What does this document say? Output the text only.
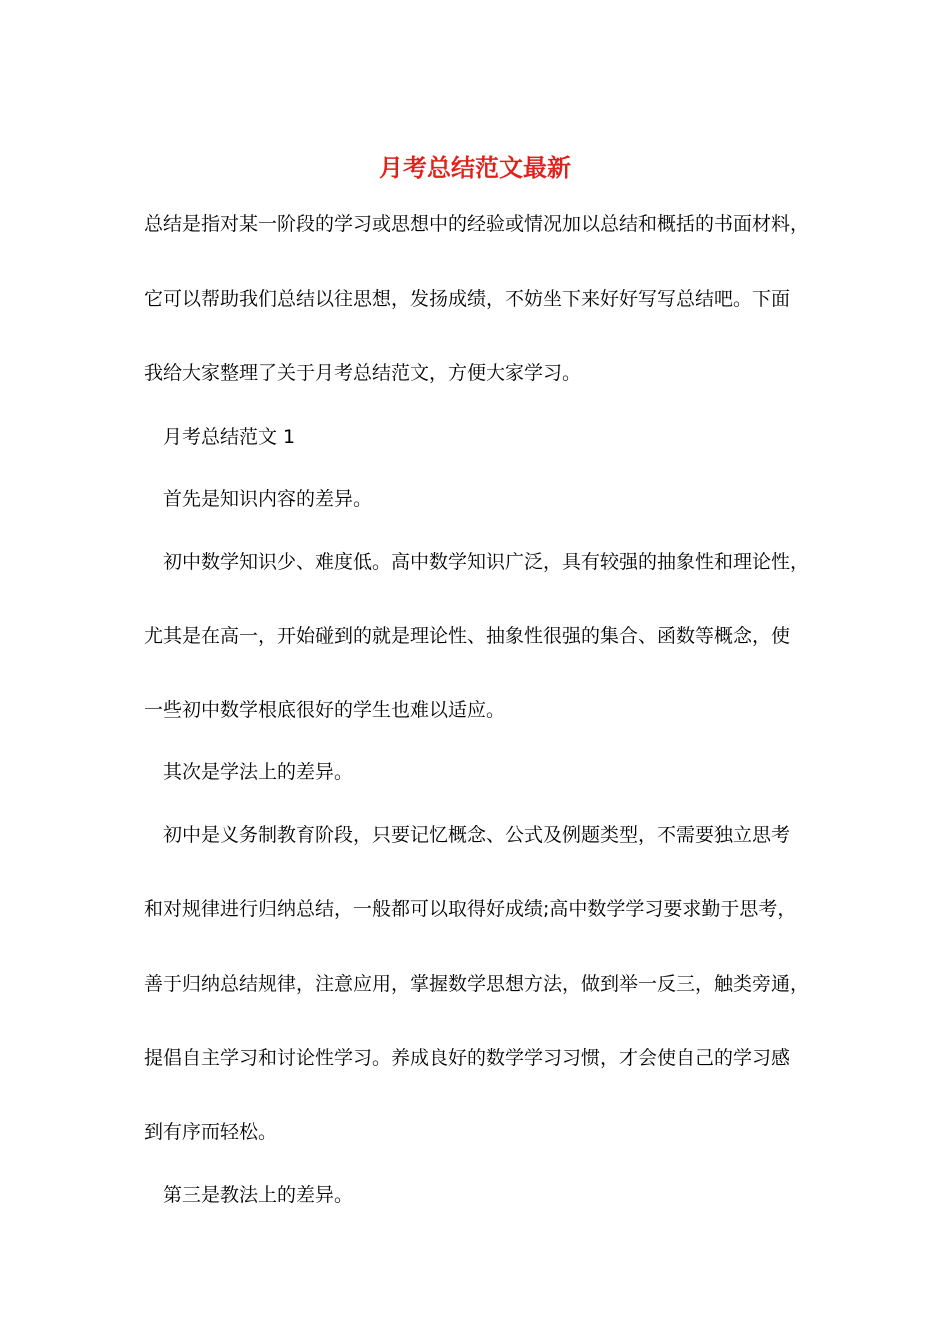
月考总结范文最新

总结是指对某一阶段的学习或思想中的经验或情况加以总结和概括的书面材料，

它可以帮助我们总结以往思想，发扬成绩，不妨坐下来好好写写总结吧。下面

我给大家整理了关于月考总结范文，方便大家学习。

月考总结范文 1

首先是知识内容的差异。

初中数学知识少、难度低。高中数学知识广泛，具有较强的抽象性和理论性，

尤其是在高一，开始碰到的就是理论性、抽象性很强的集合、函数等概念，使

一些初中数学根底很好的学生也难以适应。

其次是学法上的差异。

初中是义务制教育阶段，只要记忆概念、公式及例题类型，不需要独立思考

和对规律进行归纳总结，一般都可以取得好成绩;高中数学学习要求勤于思考，

善于归纳总结规律，注意应用，掌握数学思想方法，做到举一反三，触类旁通，

提倡自主学习和讨论性学习。养成良好的数学学习习惯，才会使自己的学习感

到有序而轻松。

第三是教法上的差异。
